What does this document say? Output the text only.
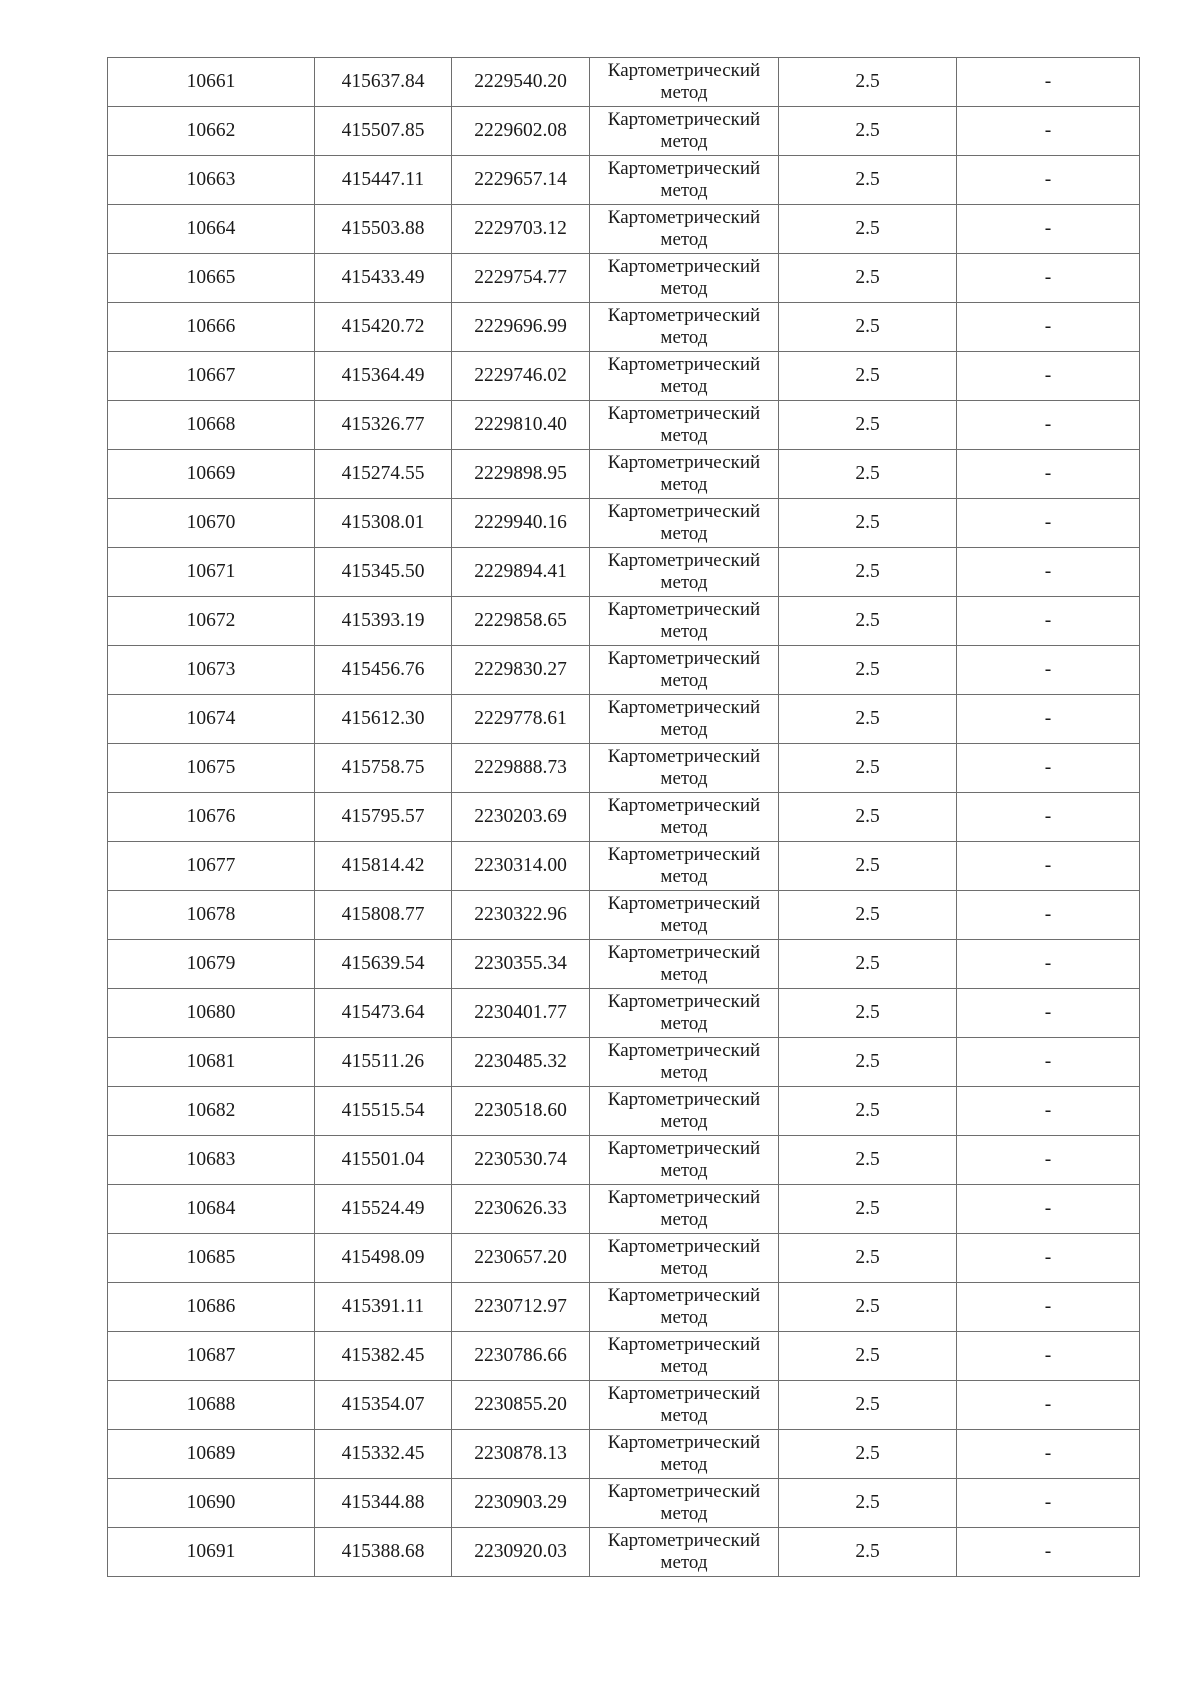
10661	415637.84	2229540.20	Картометрический метод	2.5	-
10662	415507.85	2229602.08	Картометрический метод	2.5	-
10663	415447.11	2229657.14	Картометрический метод	2.5	-
10664	415503.88	2229703.12	Картометрический метод	2.5	-
10665	415433.49	2229754.77	Картометрический метод	2.5	-
10666	415420.72	2229696.99	Картометрический метод	2.5	-
10667	415364.49	2229746.02	Картометрический метод	2.5	-
10668	415326.77	2229810.40	Картометрический метод	2.5	-
10669	415274.55	2229898.95	Картометрический метод	2.5	-
10670	415308.01	2229940.16	Картометрический метод	2.5	-
10671	415345.50	2229894.41	Картометрический метод	2.5	-
10672	415393.19	2229858.65	Картометрический метод	2.5	-
10673	415456.76	2229830.27	Картометрический метод	2.5	-
10674	415612.30	2229778.61	Картометрический метод	2.5	-
10675	415758.75	2229888.73	Картометрический метод	2.5	-
10676	415795.57	2230203.69	Картометрический метод	2.5	-
10677	415814.42	2230314.00	Картометрический метод	2.5	-
10678	415808.77	2230322.96	Картометрический метод	2.5	-
10679	415639.54	2230355.34	Картометрический метод	2.5	-
10680	415473.64	2230401.77	Картометрический метод	2.5	-
10681	415511.26	2230485.32	Картометрический метод	2.5	-
10682	415515.54	2230518.60	Картометрический метод	2.5	-
10683	415501.04	2230530.74	Картометрический метод	2.5	-
10684	415524.49	2230626.33	Картометрический метод	2.5	-
10685	415498.09	2230657.20	Картометрический метод	2.5	-
10686	415391.11	2230712.97	Картометрический метод	2.5	-
10687	415382.45	2230786.66	Картометрический метод	2.5	-
10688	415354.07	2230855.20	Картометрический метод	2.5	-
10689	415332.45	2230878.13	Картометрический метод	2.5	-
10690	415344.88	2230903.29	Картометрический метод	2.5	-
10691	415388.68	2230920.03	Картометрический метод	2.5	-
